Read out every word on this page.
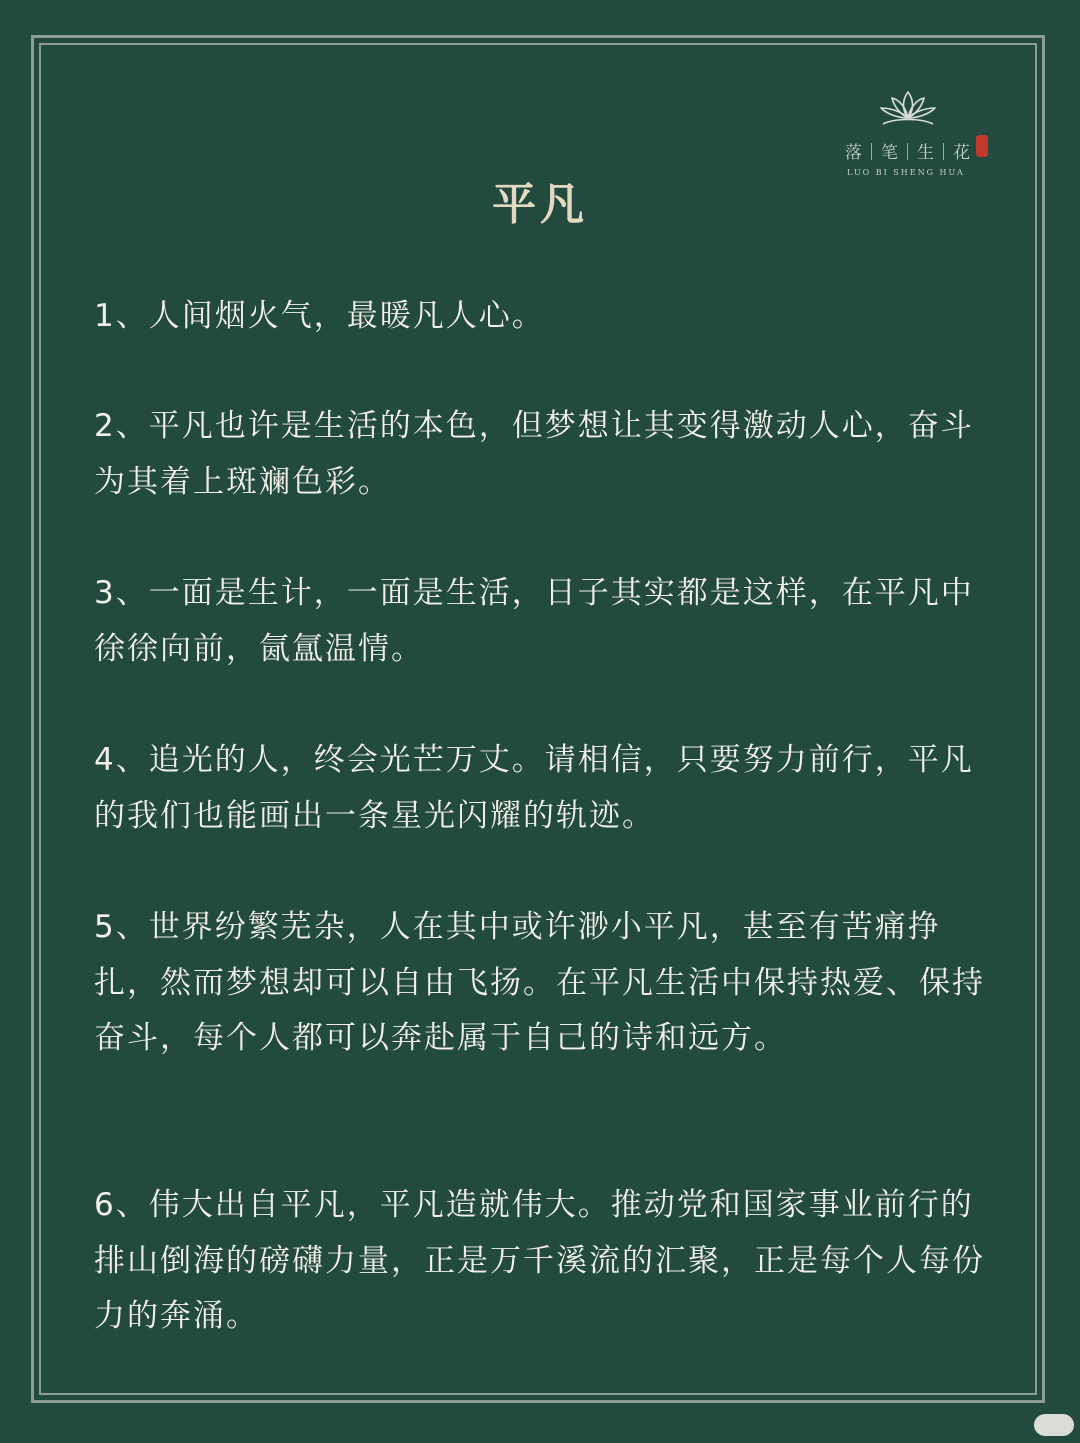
落｜笔｜生｜花
LUO BI SHENG HUA
平凡
1、人间烟火气，最暖凡人心。
2、平凡也许是生活的本色，但梦想让其变得激动人心，奋斗为其着上斑斓色彩。
3、一面是生计，一面是生活，日子其实都是这样，在平凡中徐徐向前，氤氲温情。
4、追光的人，终会光芒万丈。请相信，只要努力前行，平凡的我们也能画出一条星光闪耀的轨迹。
5、世界纷繁芜杂，人在其中或许渺小平凡，甚至有苦痛挣扎，然而梦想却可以自由飞扬。在平凡生活中保持热爱、保持奋斗，每个人都可以奔赴属于自己的诗和远方。
6、伟大出自平凡，平凡造就伟大。推动党和国家事业前行的排山倒海的磅礴力量，正是万千溪流的汇聚，正是每个人每份力的奔涌。
